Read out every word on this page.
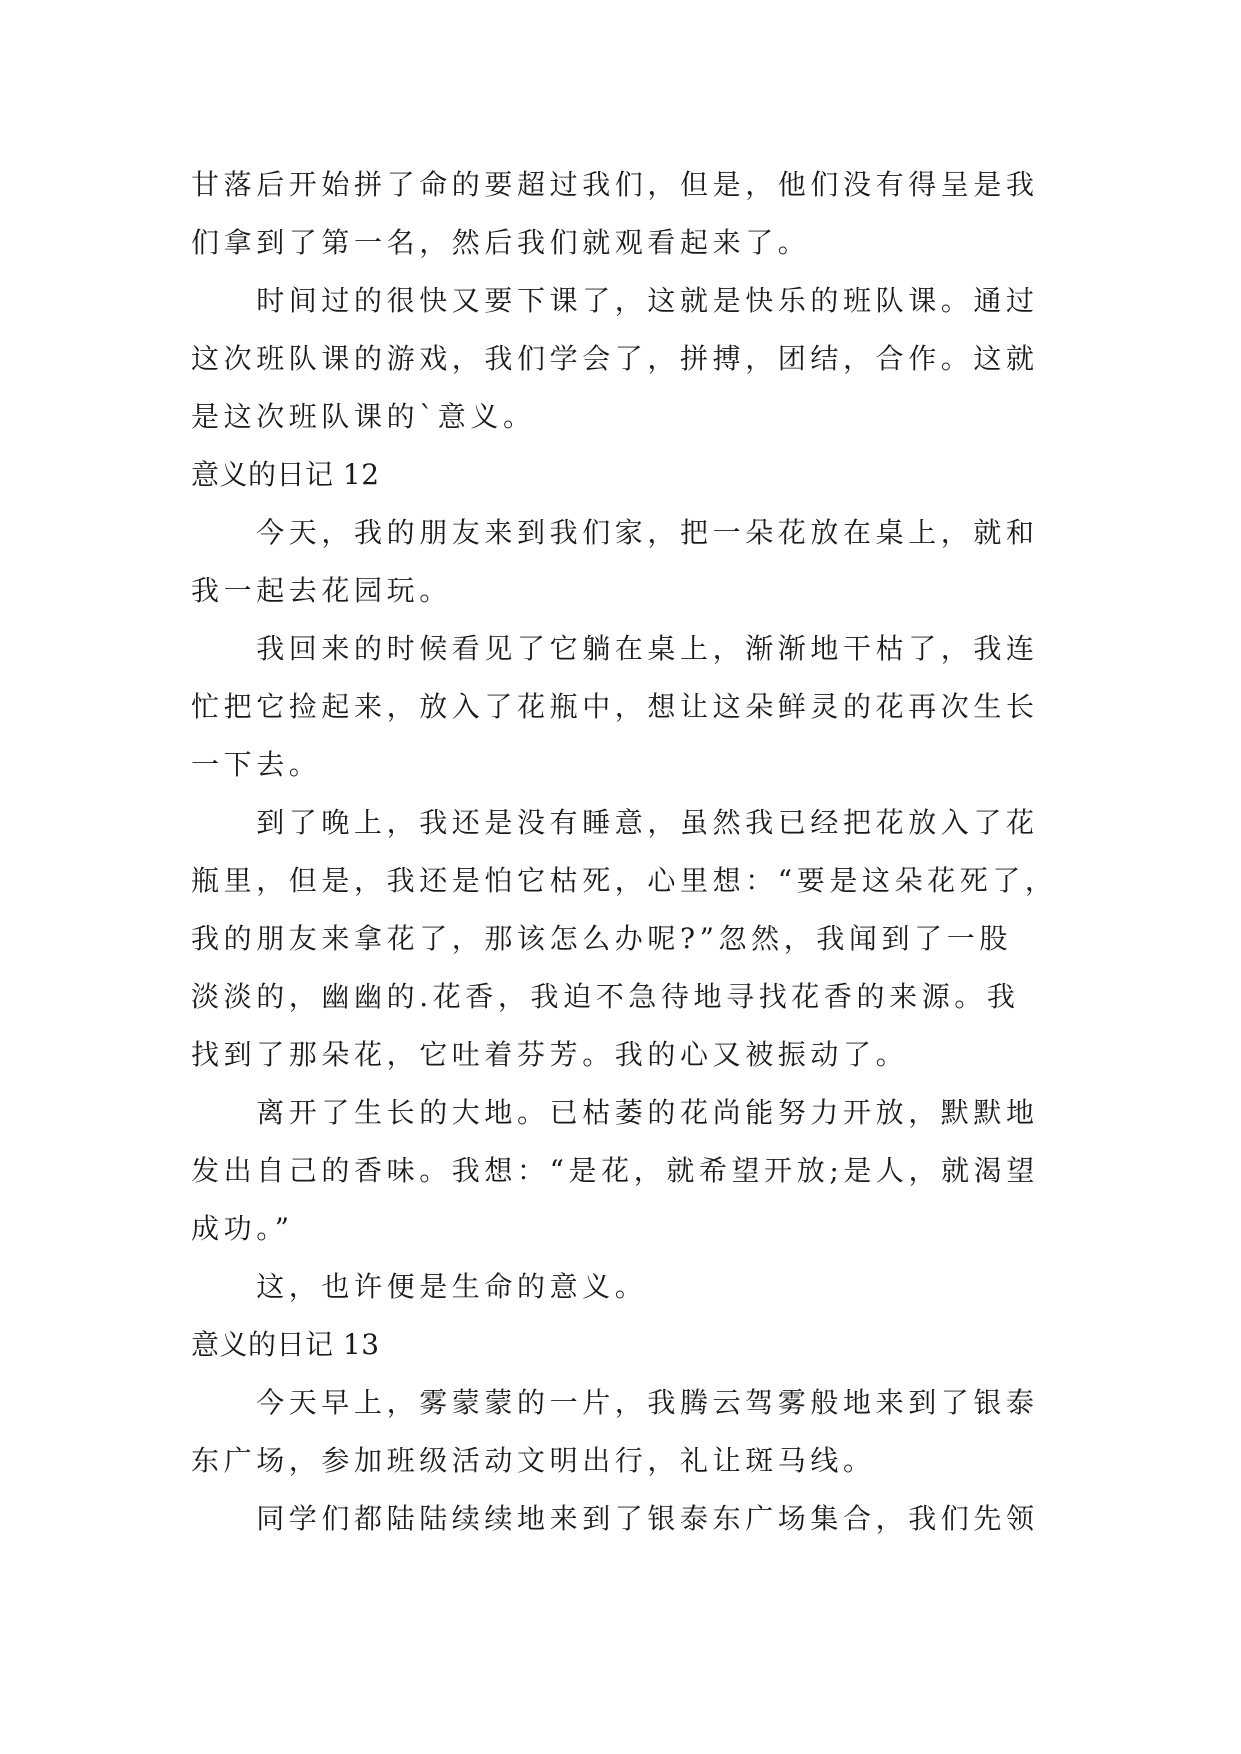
甘落后开始拼了命的要超过我们，但是，他们没有得呈是我
们拿到了第一名，然后我们就观看起来了。
　　时间过的很快又要下课了，这就是快乐的班队课。通过
这次班队课的游戏，我们学会了，拼搏，团结，合作。这就
是这次班队课的`意义。
意义的日记 12
　　今天，我的朋友来到我们家，把一朵花放在桌上，就和
我一起去花园玩。
　　我回来的时候看见了它躺在桌上，渐渐地干枯了，我连
忙把它捡起来，放入了花瓶中，想让这朵鲜灵的花再次生长
一下去。
　　到了晚上，我还是没有睡意，虽然我已经把花放入了花
瓶里，但是，我还是怕它枯死，心里想：“要是这朵花死了，
我的朋友来拿花了，那该怎么办呢?”忽然，我闻到了一股
淡淡的，幽幽的.花香，我迫不急待地寻找花香的来源。我
找到了那朵花，它吐着芬芳。我的心又被振动了。
　　离开了生长的大地。已枯萎的花尚能努力开放，默默地
发出自己的香味。我想：“是花，就希望开放;是人，就渴望
成功。”
　　这，也许便是生命的意义。
意义的日记 13
　　今天早上，雾蒙蒙的一片，我腾云驾雾般地来到了银泰
东广场，参加班级活动文明出行，礼让斑马线。
　　同学们都陆陆续续地来到了银泰东广场集合，我们先领
